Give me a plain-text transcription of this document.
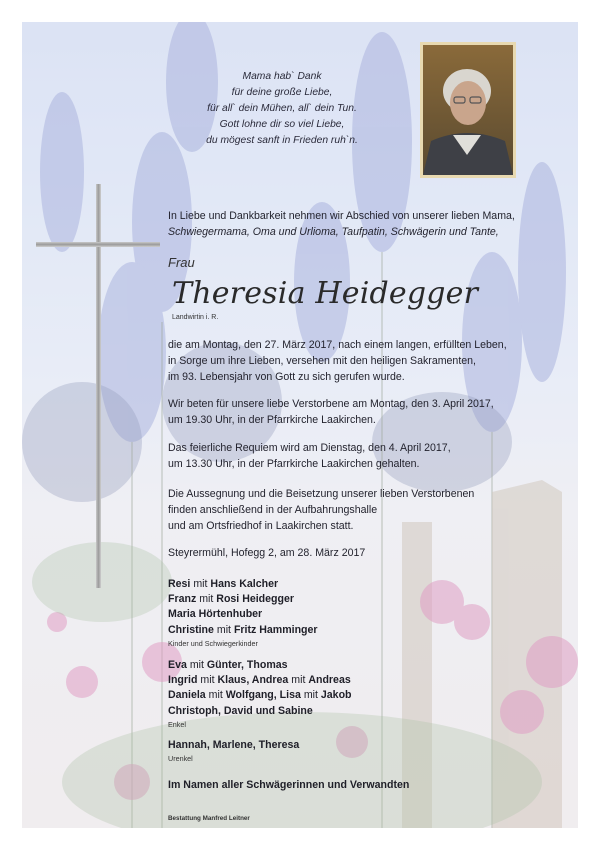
Mama hab` Dank
für deine große Liebe,
für all` dein Mühen, all` dein Tun.
Gott lohne dir so viel Liebe,
du mögest sanft in Frieden ruh`n.
In Liebe und Dankbarkeit nehmen wir Abschied von unserer lieben Mama,
Schwiegermama, Oma und Urlioma, Taufpatin, Schwägerin und Tante,
Frau
Theresia Heidegger
Landwirtin i. R.
die am Montag, den 27. März 2017, nach einem langen, erfüllten Leben,
in Sorge um ihre Lieben, versehen mit den heiligen Sakramenten,
im 93. Lebensjahr von Gott zu sich gerufen wurde.
Wir beten für unsere liebe Verstorbene am Montag, den 3. April 2017,
um 19.30 Uhr, in der Pfarrkirche Laakirchen.
Das feierliche Requiem wird am Dienstag, den 4. April 2017,
um 13.30 Uhr, in der Pfarrkirche Laakirchen gehalten.
Die Aussegnung und die Beisetzung unserer lieben Verstorbenen
finden anschließend in der Aufbahrungshalle
und am Ortsfriedhof in Laakirchen statt.
Steyrermühl, Hofegg 2, am 28. März 2017
Resi mit Hans Kalcher
Franz mit Rosi Heidegger
Maria Hörtenhuber
Christine mit Fritz Hamminger
Kinder und Schwiegerkinder
Eva mit Günter, Thomas
Ingrid mit Klaus, Andrea mit Andreas
Daniela mit Wolfgang, Lisa mit Jakob
Christoph, David und Sabine
Enkel
Hannah, Marlene, Theresa
Urenkel
Im Namen aller Schwägerinnen und Verwandten
Bestattung Manfred Leitner
